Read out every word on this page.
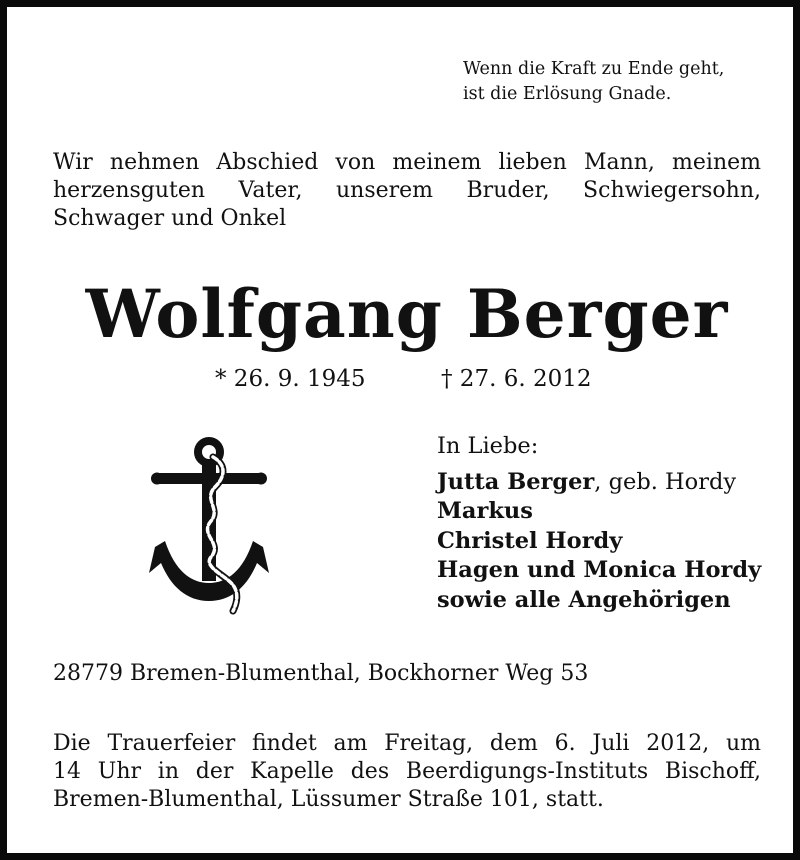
Wenn die Kraft zu Ende geht,
ist die Erlösung Gnade.
Wir nehmen Abschied von meinem lieben Mann, meinem
herzensguten Vater, unserem Bruder, Schwiegersohn,
Schwager und Onkel
Wolfgang Berger
* 26. 9. 1945	† 27. 6. 2012
In Liebe:
Jutta Berger, geb. Hordy
Markus
Christel Hordy
Hagen und Monica Hordy
sowie alle Angehörigen
28779 Bremen-Blumenthal, Bockhorner Weg 53
Die Trauerfeier findet am Freitag, dem 6. Juli 2012, um
14 Uhr in der Kapelle des Beerdigungs-Instituts Bischoff,
Bremen-Blumenthal, Lüssumer Straße 101, statt.
